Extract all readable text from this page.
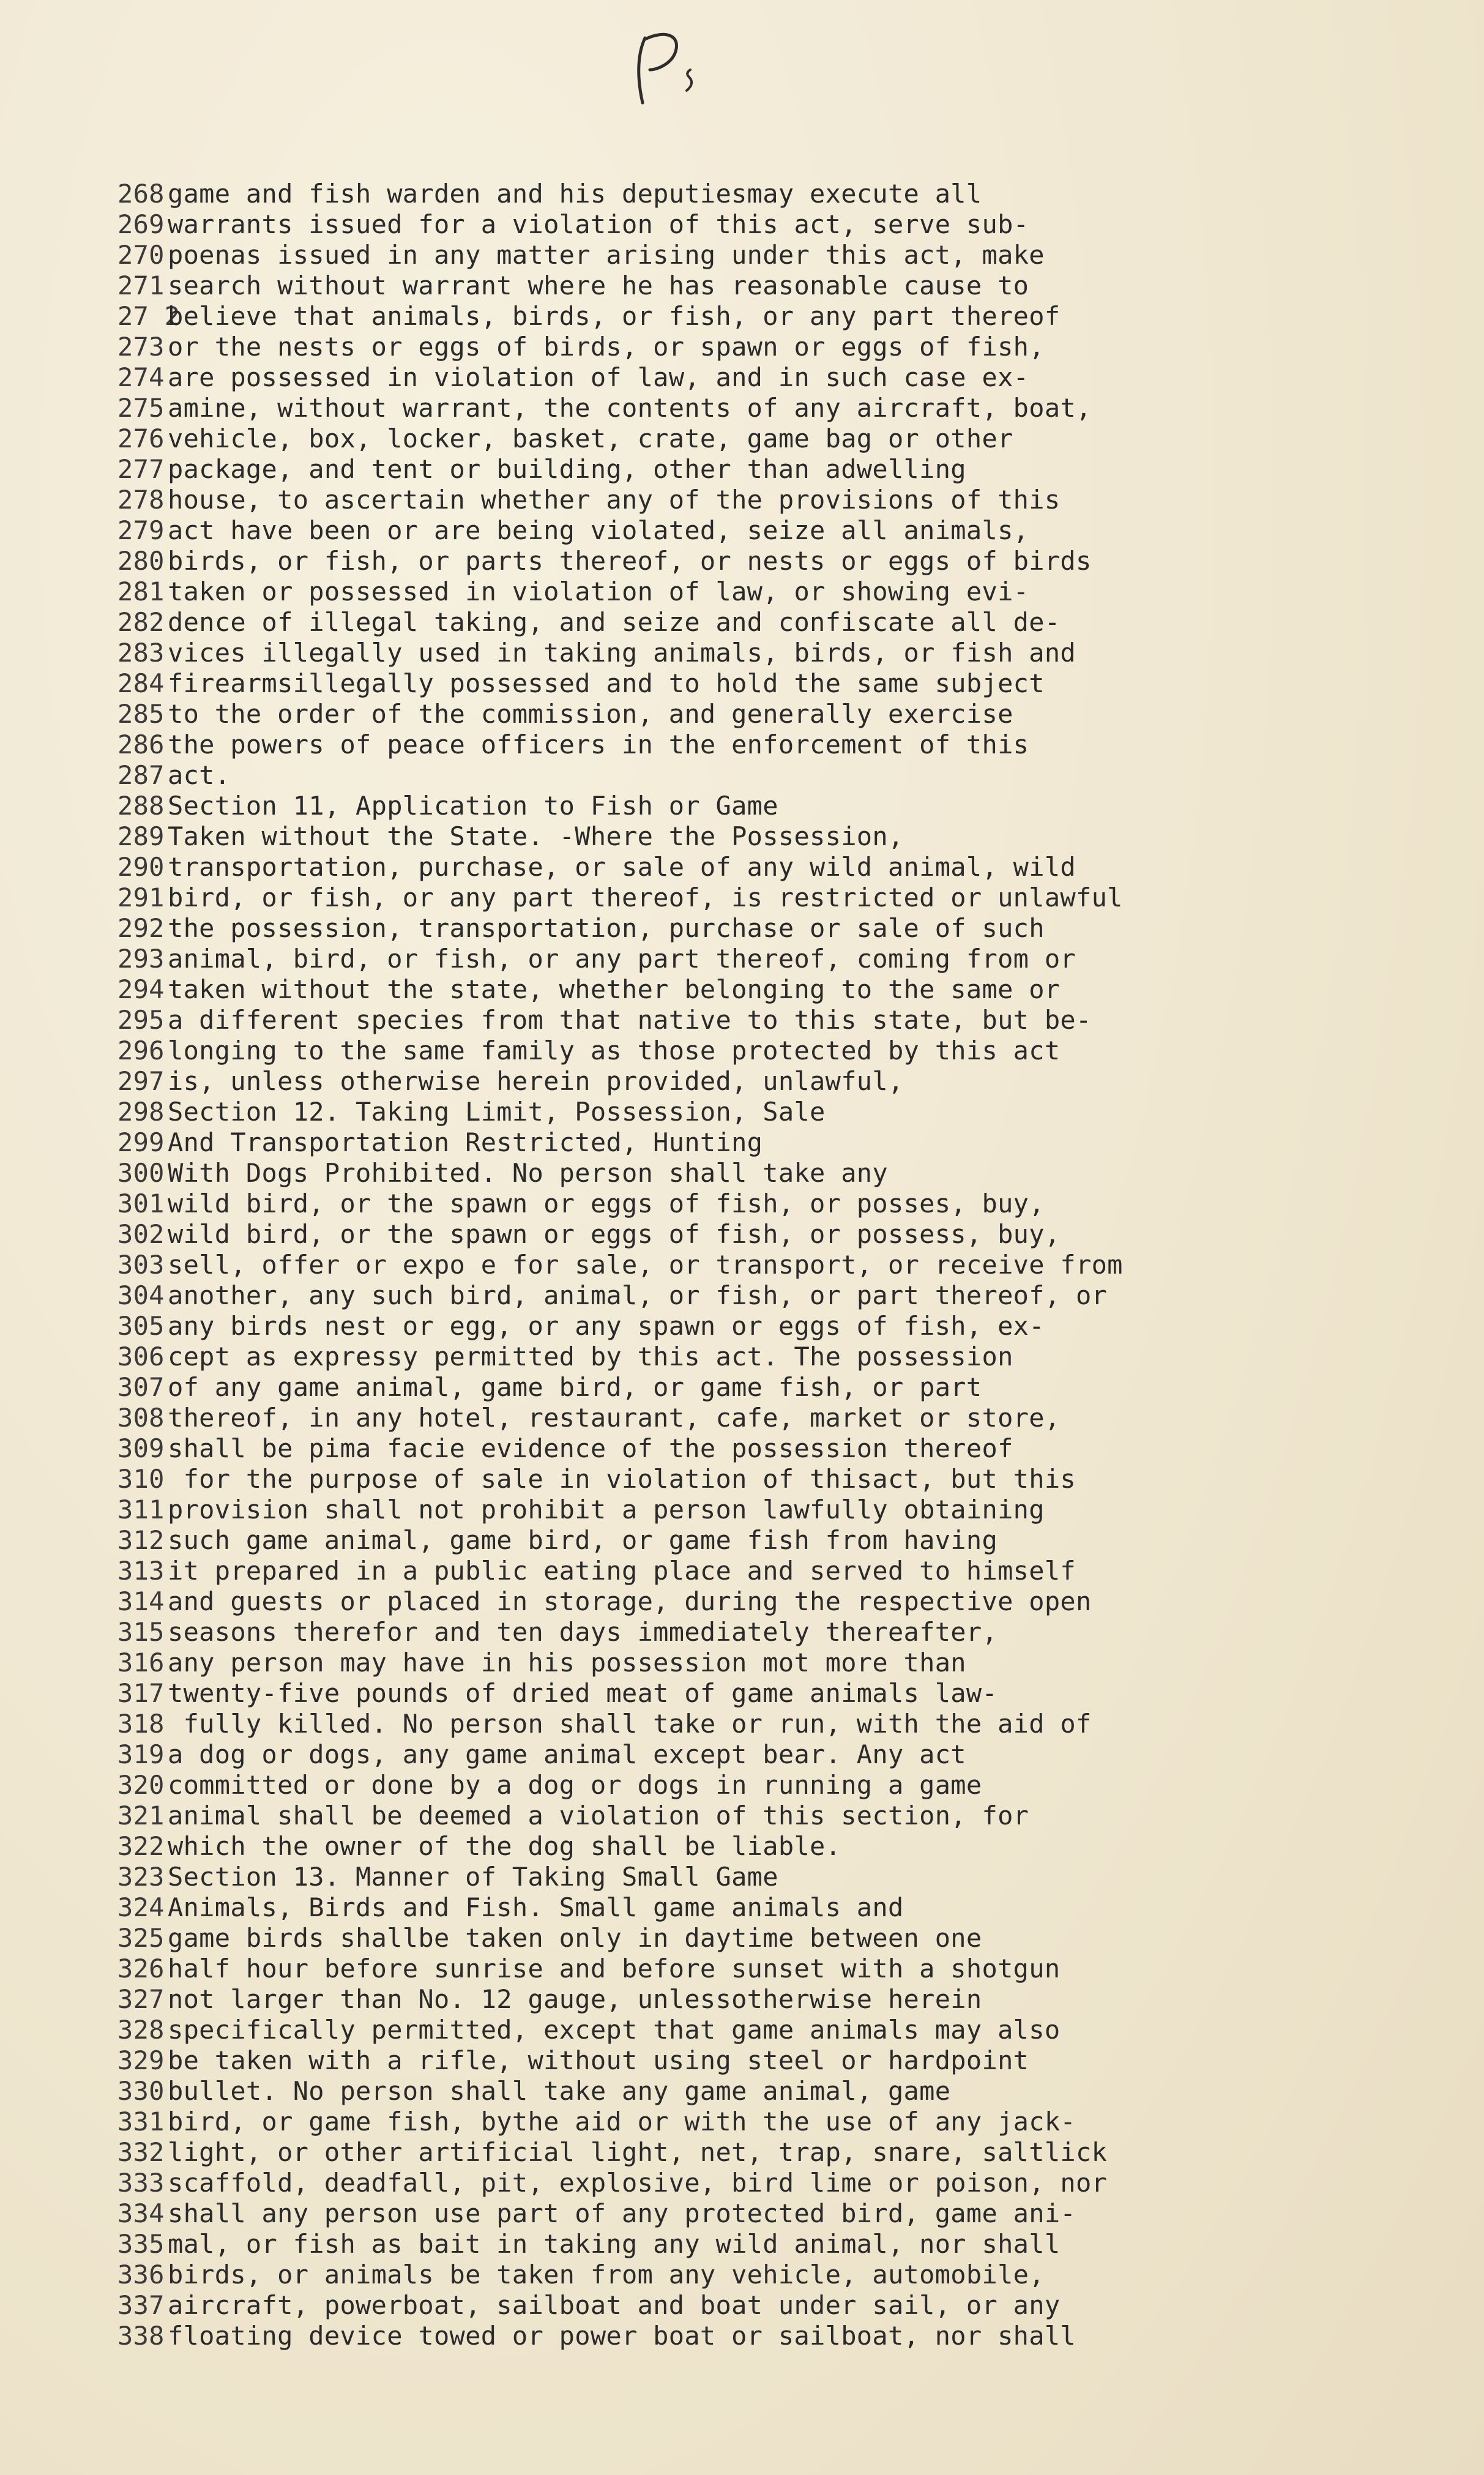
268 game and fish warden and his deputiesmay execute all
269 warrants issued for a violation of this act, serve sub-
270 poenas issued in any matter arising under this act, make
271 search without warrant where he has reasonable cause to
27 2
believe that animals, birds, or fish, or any part thereof
273 or the nests or eggs of birds, or spawn or eggs of fish,
274 are possessed in violation of law, and in such case ex-
275 amine, without warrant, the contents of any aircraft, boat,
276 vehicle, box, locker, basket, crate, game bag or other
277 package, and tent or building, other than adwelling
278 house, to ascertain whether any of the provisions of this
279 act have been or are being violated, seize all animals,
280 birds, or fish, or parts thereof, or nests or eggs of birds
281 taken or possessed in violation of law, or showing evi-
282 dence of illegal taking, and seize and confiscate all de-
283 vices illegally used in taking animals, birds, or fish and
284 firearmsillegally possessed and to hold the same subject
285 to the order of the commission, and generally exercise
286 the powers of peace officers in the enforcement of this
287 act.
288 Section 11, Application to Fish or Game
289 Taken without the State. -Where the Possession,
290 transportation, purchase, or sale of any wild animal, wild
291 bird, or fish, or any part thereof, is restricted or unlawful
292 the possession, transportation, purchase or sale of such
293 animal, bird, or fish, or any part thereof, coming from or
294 taken without the state, whether belonging to the same or
295 a different species from that native to this state, but be-
296 longing to the same family as those protected by this act
297 is, unless otherwise herein provided, unlawful,
298 Section 12. Taking Limit, Possession, Sale
299 And Transportation Restricted, Hunting
300 With Dogs Prohibited. No person shall take any
301 wild bird, or the spawn or eggs of fish, or posses, buy,
302 wild bird, or the spawn or eggs of fish, or possess, buy,
303 sell, offer or expo e for sale, or transport, or receive from
304 another, any such bird, animal, or fish, or part thereof, or
305 any birds nest or egg, or any spawn or eggs of fish, ex-
306 cept as expressy permitted by this act. The possession
307 of any game animal, game bird, or game fish, or part
308 thereof, in any hotel, restaurant, cafe, market or store,
309 shall be pima facie evidence of the possession thereof
310 for the purpose of sale in violation of thisact, but this
311 provision shall not prohibit a person lawfully obtaining
312 such game animal, game bird, or game fish from having
313 it prepared in a public eating place and served to himself
314 and guests or placed in storage, during the respective open
315 seasons therefor and ten days immediately thereafter,
316 any person may have in his possession mot more than
317 twenty-five pounds of dried meat of game animals law-
318 fully killed. No person shall take or run, with the aid of
319 a dog or dogs, any game animal except bear. Any act
320 committed or done by a dog or dogs in running a game
321 animal shall be deemed a violation of this section, for
322 which the owner of the dog shall be liable.
323 Section 13. Manner of Taking Small Game
324 Animals, Birds and Fish. Small game animals and
325 game birds shallbe taken only in daytime between one
326 half hour before sunrise and before sunset with a shotgun
327 not larger than No. 12 gauge, unlessotherwise herein
328 specifically permitted, except that game animals may also
329 be taken with a rifle, without using steel or hardpoint
330 bullet. No person shall take any game animal, game
331 bird, or game fish, bythe aid or with the use of any jack-
332 light, or other artificial light, net, trap, snare, saltlick
333 scaffold, deadfall, pit, explosive, bird lime or poison, nor
334 shall any person use part of any protected bird, game ani-
335 mal, or fish as bait in taking any wild animal, nor shall
336 birds, or animals be taken from any vehicle, automobile,
337 aircraft, powerboat, sailboat and boat under sail, or any
338 floating device towed or power boat or sailboat, nor shall
